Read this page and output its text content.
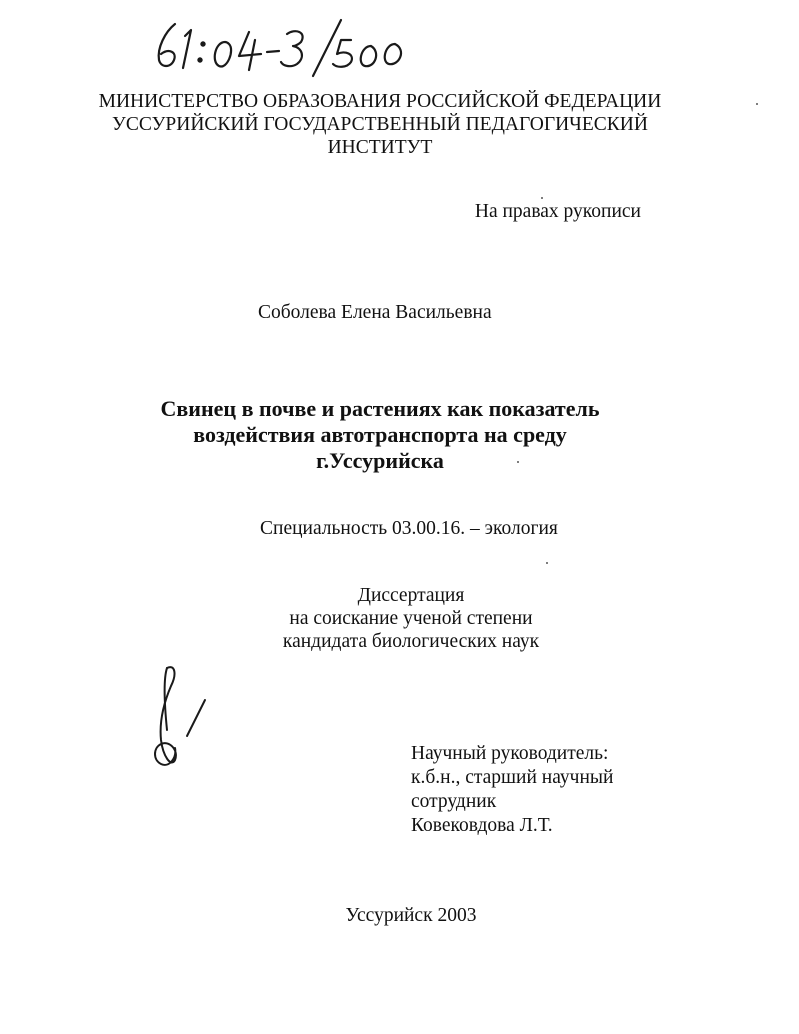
МИНИСТЕРСТВО ОБРАЗОВАНИЯ РОССИЙСКОЙ ФЕДЕРАЦИИ
УССУРИЙСКИЙ ГОСУДАРСТВЕННЫЙ ПЕДАГОГИЧЕСКИЙ
ИНСТИТУТ
На правах рукописи
Соболева Елена Васильевна
Свинец в почве и растениях как показатель
воздействия автотранспорта на среду
г.Уссурийска
Специальность 03.00.16. – экология
Диссертация
на соискание ученой степени
кандидата биологических наук
Научный руководитель:
к.б.н., старший научный
сотрудник
Ковековдова Л.Т.
Уссурийск 2003
